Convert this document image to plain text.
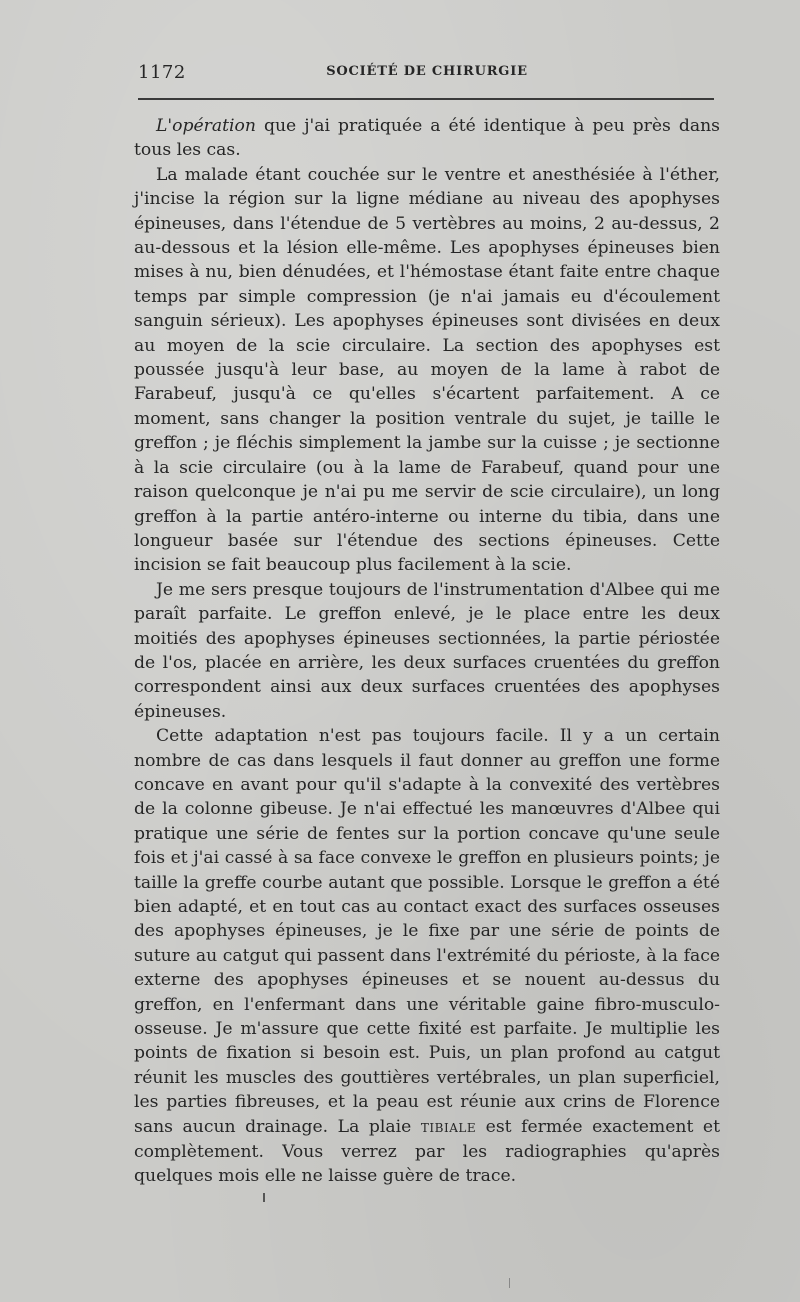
1172	SOCIÉTÉ DE CHIRURGIE

L'opération que j'ai pratiquée a été identique à peu près dans tous les cas.

La malade étant couchée sur le ventre et anesthésiée à l'éther, j'incise la région sur la ligne médiane au niveau des apophyses épineuses, dans l'étendue de 5 vertèbres au moins, 2 au-dessus, 2 au-dessous et la lésion elle-même. Les apophyses épineuses bien mises à nu, bien dénudées, et l'hémostase étant faite entre chaque temps par simple compression (je n'ai jamais eu d'écoulement sanguin sérieux). Les apophyses épineuses sont divisées en deux au moyen de la scie circulaire. La section des apophyses est poussée jusqu'à leur base, au moyen de la lame à rabot de Farabeuf, jusqu'à ce qu'elles s'écartent parfaitement. A ce moment, sans changer la position ventrale du sujet, je taille le greffon ; je fléchis simplement la jambe sur la cuisse ; je sectionne à la scie circulaire (ou à la lame de Farabeuf, quand pour une raison quelconque je n'ai pu me servir de scie circulaire), un long greffon à la partie antéro-interne ou interne du tibia, dans une longueur basée sur l'étendue des sections épineuses. Cette incision se fait beaucoup plus facilement à la scie.

Je me sers presque toujours de l'instrumentation d'Albee qui me paraît parfaite. Le greffon enlevé, je le place entre les deux moitiés des apophyses épineuses sectionnées, la partie périostée de l'os, placée en arrière, les deux surfaces cruentées du greffon correspondent ainsi aux deux surfaces cruentées des apophyses épineuses.

Cette adaptation n'est pas toujours facile. Il y a un certain nombre de cas dans lesquels il faut donner au greffon une forme concave en avant pour qu'il s'adapte à la convexité des vertèbres de la colonne gibeuse. Je n'ai effectué les manœuvres d'Albee qui pratique une série de fentes sur la portion concave qu'une seule fois et j'ai cassé à sa face convexe le greffon en plusieurs points; je taille la greffe courbe autant que possible. Lorsque le greffon a été bien adapté, et en tout cas au contact exact des surfaces osseuses des apophyses épineuses, je le fixe par une série de points de suture au catgut qui passent dans l'extrémité du périoste, à la face externe des apophyses épineuses et se nouent au-dessus du greffon, en l'enfermant dans une véritable gaine fibro-musculo-osseuse. Je m'assure que cette fixité est parfaite. Je multiplie les points de fixation si besoin est. Puis, un plan profond au catgut réunit les muscles des gouttières vertébrales, un plan superficiel, les parties fibreuses, et la peau est réunie aux crins de Florence sans aucun drainage. La plaie TIBIALE est fermée exactement et complètement. Vous verrez par les radiographies qu'après quelques mois elle ne laisse guère de trace.
